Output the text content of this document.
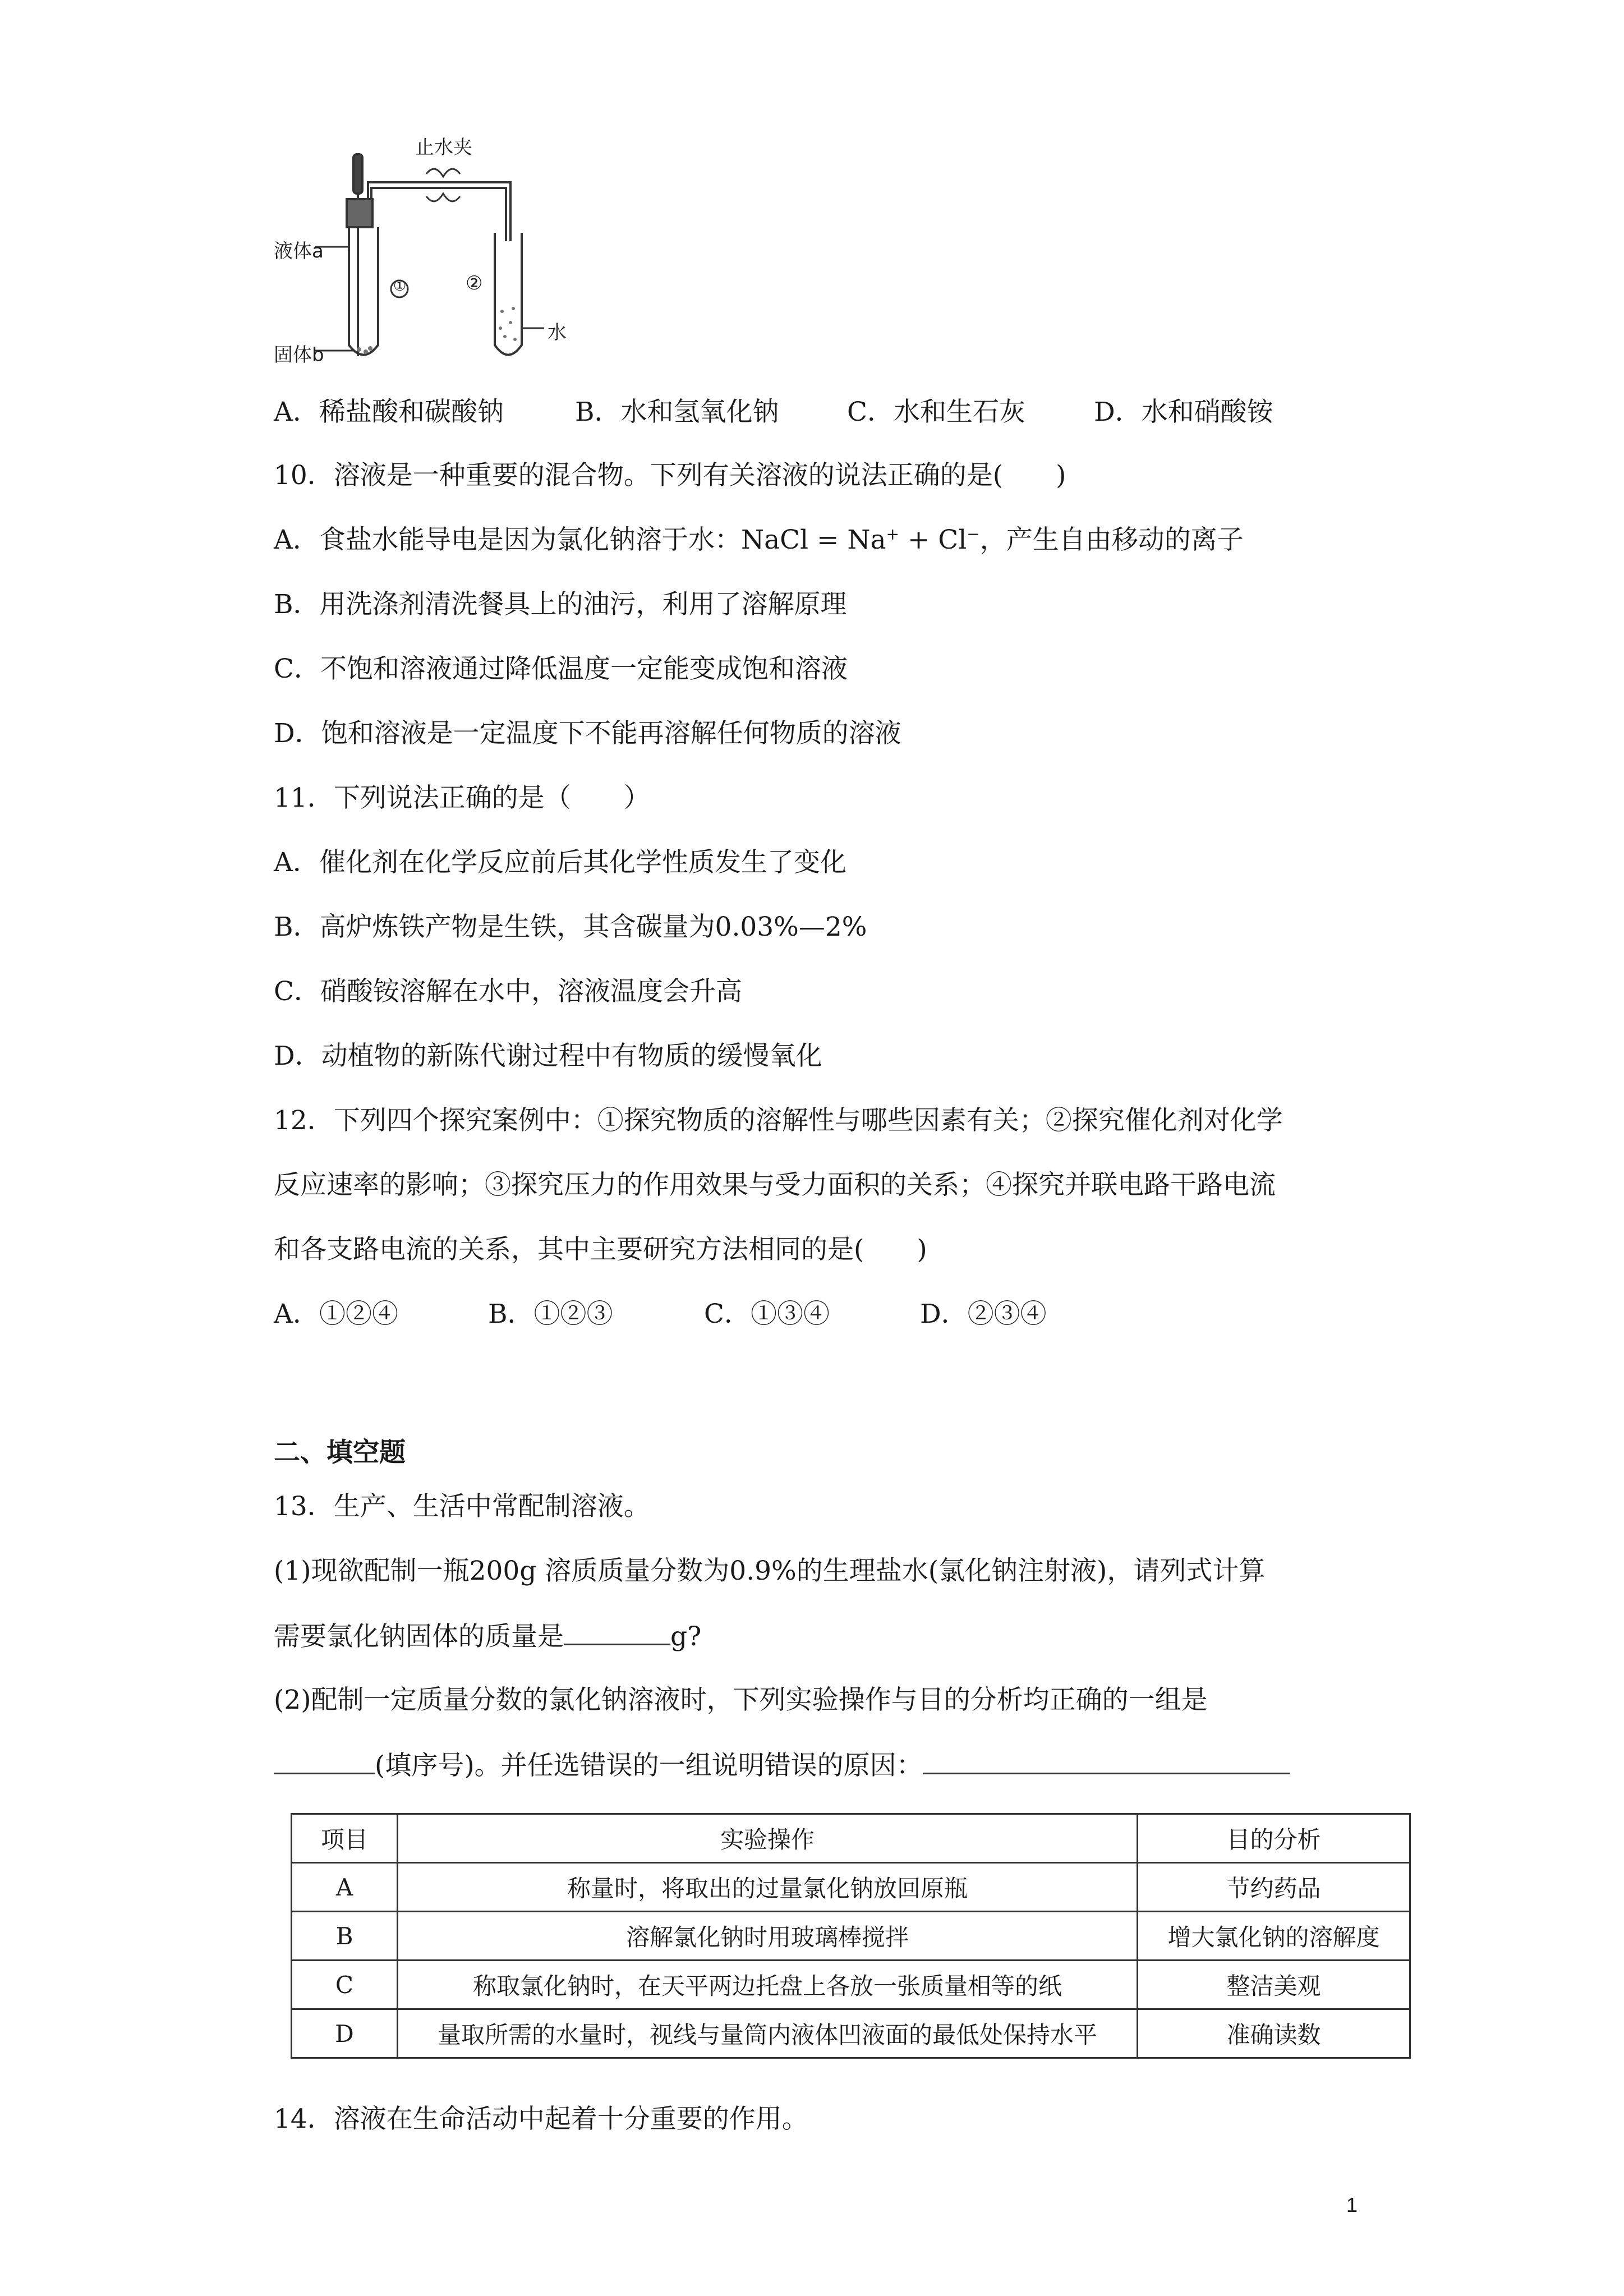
止水夹
液体a
固体b
①	②
水
A．稀盐酸和碳酸钠	B．水和氢氧化钠	C．水和生石灰	D．水和硝酸铵
10．溶液是一种重要的混合物。下列有关溶液的说法正确的是(　　)
A．食盐水能导电是因为氯化钠溶于水：NaCl = Na+ + Cl−，产生自由移动的离子
B．用洗涤剂清洗餐具上的油污，利用了溶解原理
C．不饱和溶液通过降低温度一定能变成饱和溶液
D．饱和溶液是一定温度下不能再溶解任何物质的溶液
11．下列说法正确的是（　　）
A．催化剂在化学反应前后其化学性质发生了变化
B．高炉炼铁产物是生铁，其含碳量为0.03%—2%
C．硝酸铵溶解在水中，溶液温度会升高
D．动植物的新陈代谢过程中有物质的缓慢氧化
12．下列四个探究案例中：①探究物质的溶解性与哪些因素有关；②探究催化剂对化学
反应速率的影响；③探究压力的作用效果与受力面积的关系；④探究并联电路干路电流
和各支路电流的关系，其中主要研究方法相同的是(　　)
A．①②④	B．①②③	C．①③④	D．②③④
二、填空题
13．生产、生活中常配制溶液。
(1)现欲配制一瓶200g 溶质质量分数为0.9%的生理盐水(氯化钠注射液)，请列式计算
需要氯化钠固体的质量是	g?
(2)配制一定质量分数的氯化钠溶液时，下列实验操作与目的分析均正确的一组是
(填序号)。并任选错误的一组说明错误的原因：
项目	实验操作	目的分析
A	称量时，将取出的过量氯化钠放回原瓶	节约药品
B	溶解氯化钠时用玻璃棒搅拌	增大氯化钠的溶解度
C	称取氯化钠时，在天平两边托盘上各放一张质量相等的纸	整洁美观
D	量取所需的水量时，视线与量筒内液体凹液面的最低处保持水平	准确读数
14．溶液在生命活动中起着十分重要的作用。
1
